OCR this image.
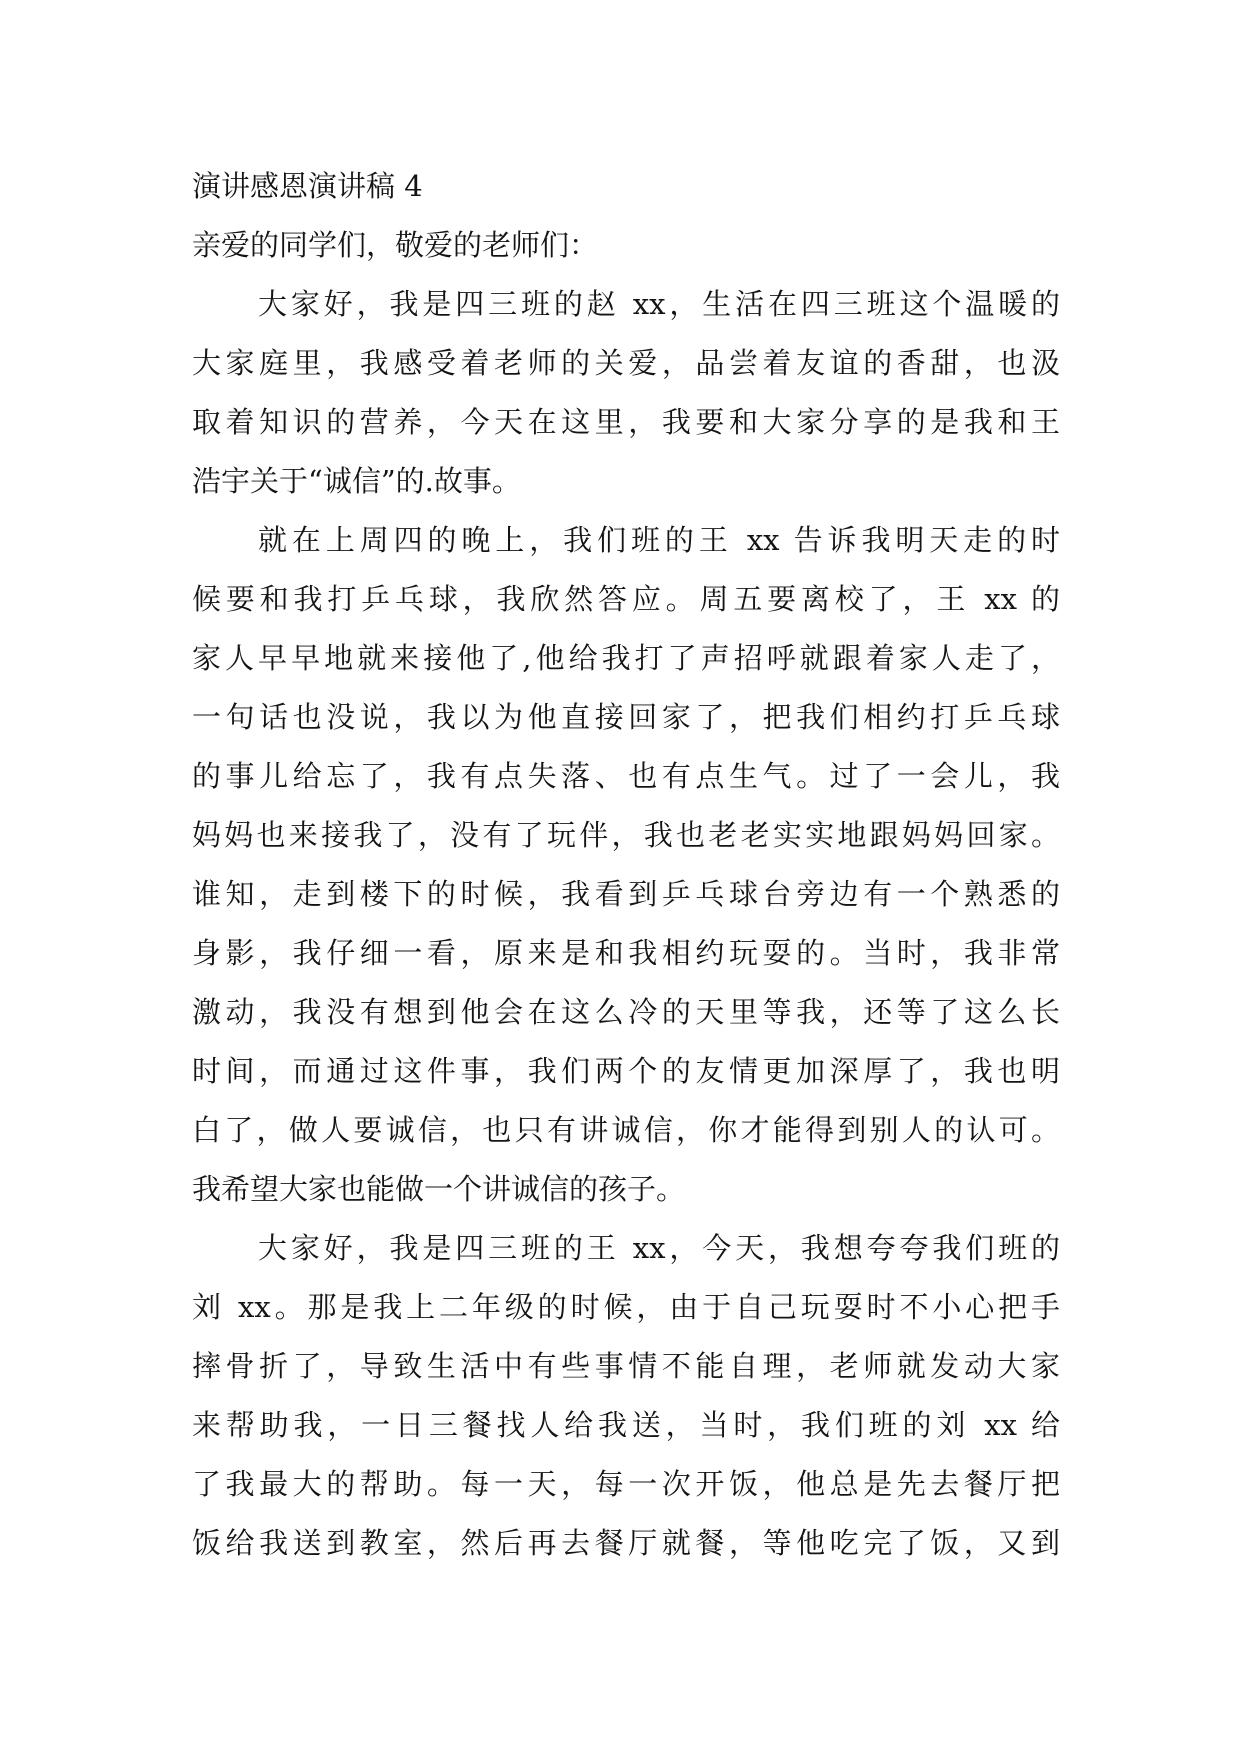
演讲感恩演讲稿 4
亲爱的同学们，敬爱的老师们：
大家好，我是四三班的赵 xx，生活在四三班这个温暖的
大家庭里，我感受着老师的关爱，品尝着友谊的香甜，也汲
取着知识的营养，今天在这里，我要和大家分享的是我和王
浩宇关于“诚信”的.故事。
就在上周四的晚上，我们班的王 xx 告诉我明天走的时
候要和我打乒乓球，我欣然答应。周五要离校了，王 xx 的
家人早早地就来接他了,他给我打了声招呼就跟着家人走了，
一句话也没说，我以为他直接回家了，把我们相约打乒乓球
的事儿给忘了，我有点失落、也有点生气。过了一会儿，我
妈妈也来接我了，没有了玩伴，我也老老实实地跟妈妈回家。
谁知，走到楼下的时候，我看到乒乓球台旁边有一个熟悉的
身影，我仔细一看，原来是和我相约玩耍的。当时，我非常
激动，我没有想到他会在这么冷的天里等我，还等了这么长
时间，而通过这件事，我们两个的友情更加深厚了，我也明
白了，做人要诚信，也只有讲诚信，你才能得到别人的认可。
我希望大家也能做一个讲诚信的孩子。
大家好，我是四三班的王 xx，今天，我想夸夸我们班的
刘 xx。那是我上二年级的时候，由于自己玩耍时不小心把手
摔骨折了，导致生活中有些事情不能自理，老师就发动大家
来帮助我，一日三餐找人给我送，当时，我们班的刘 xx 给
了我最大的帮助。每一天，每一次开饭，他总是先去餐厅把
饭给我送到教室，然后再去餐厅就餐，等他吃完了饭，又到
